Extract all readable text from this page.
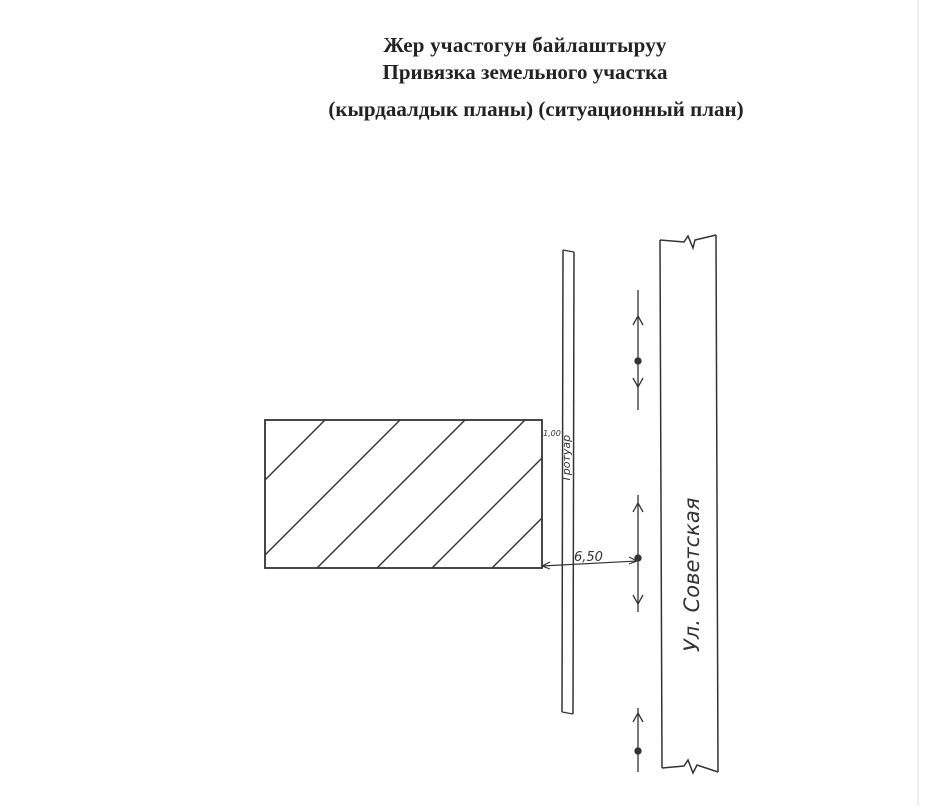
Жер участогун байлаштыруу
Привязка земельного участка
(кырдаалдык планы) (ситуационный план)
Тротуар
1,00
6,50	Ул. Советская
